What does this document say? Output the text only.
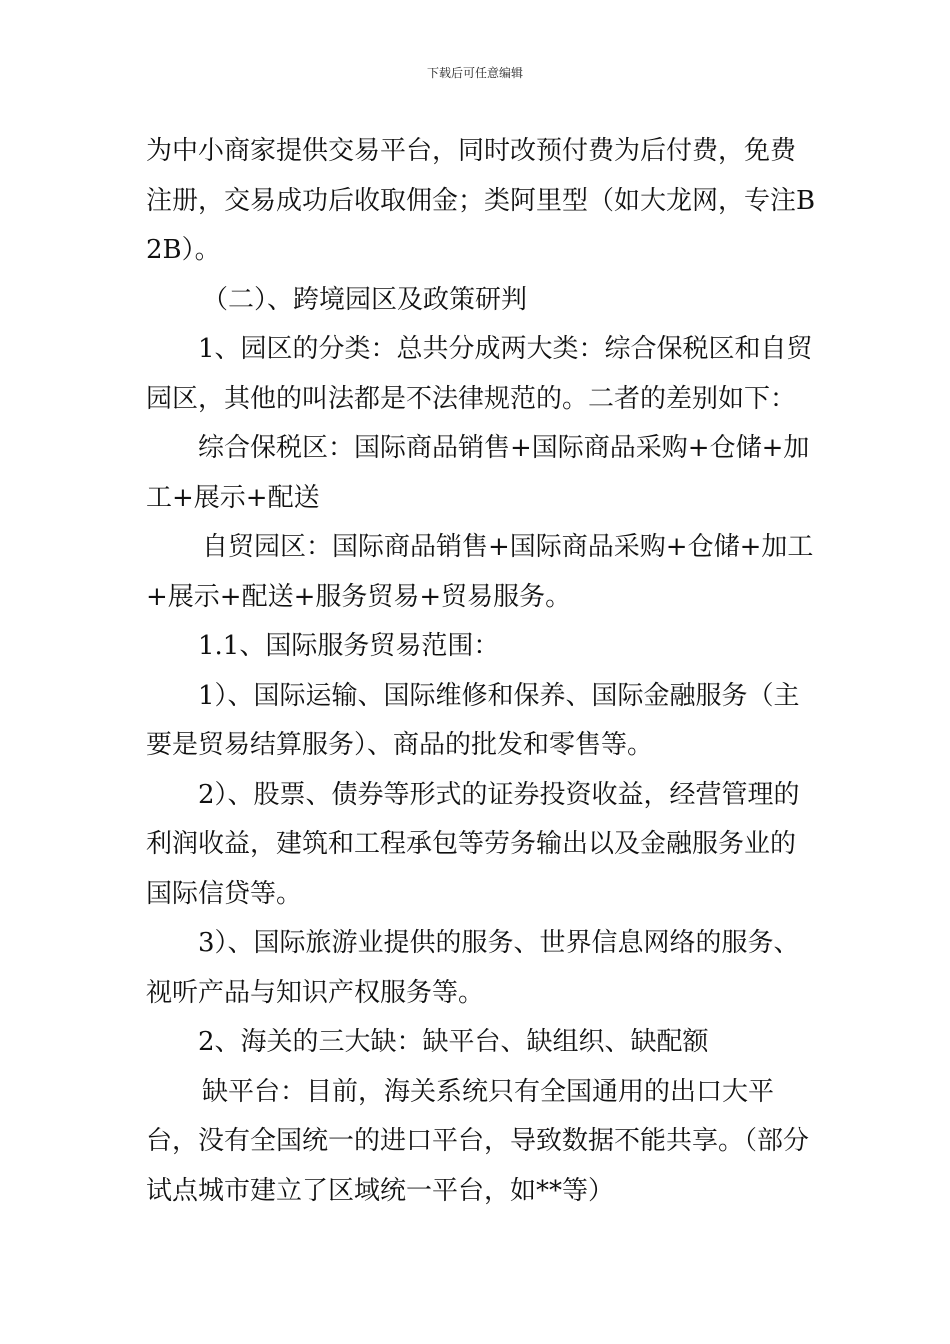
下载后可任意编辑

为中小商家提供交易平台，同时改预付费为后付费，免费注册，交易成功后收取佣金；类阿里型（如大龙网，专注B2B）。

（二）、跨境园区及政策研判

1、园区的分类：总共分成两大类：综合保税区和自贸园区，其他的叫法都是不法律规范的。二者的差别如下：

综合保税区：国际商品销售+国际商品采购+仓储+加工+展示+配送

自贸园区：国际商品销售+国际商品采购+仓储+加工+展示+配送+服务贸易+贸易服务。

1.1、国际服务贸易范围：

1）、国际运输、国际维修和保养、国际金融服务（主要是贸易结算服务）、商品的批发和零售等。

2）、股票、债券等形式的证券投资收益，经营管理的利润收益，建筑和工程承包等劳务输出以及金融服务业的国际信贷等。

3）、国际旅游业提供的服务、世界信息网络的服务、视听产品与知识产权服务等。

2、海关的三大缺：缺平台、缺组织、缺配额

缺平台：目前，海关系统只有全国通用的出口大平台，没有全国统一的进口平台，导致数据不能共享。（部分试点城市建立了区域统一平台，如**等）
